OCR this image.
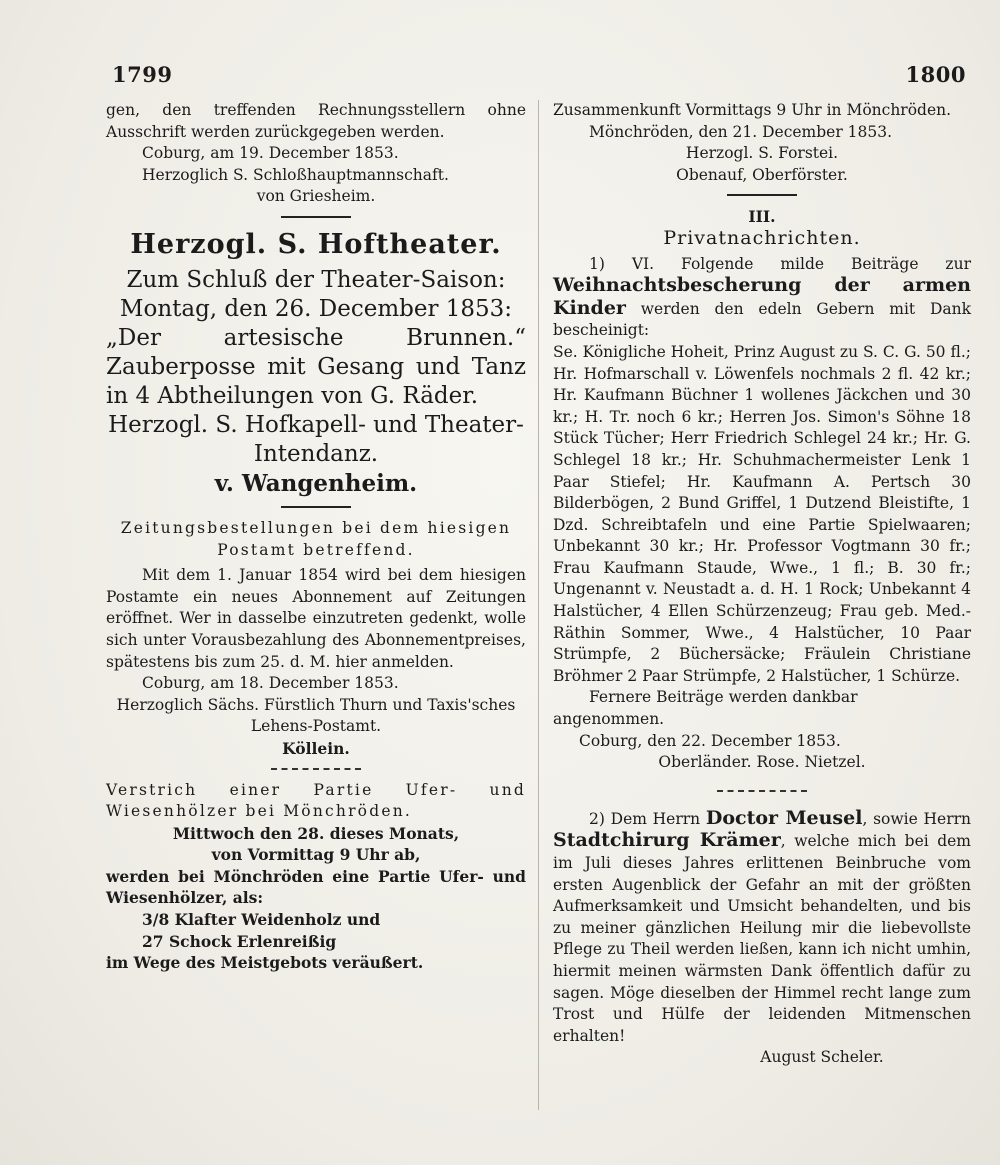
1799	1800

gen, den treffenden Rechnungsstellern ohne Ausschrift werden zurückgegeben werden.

Coburg, am 19. December 1853.

Herzoglich S. Schloßhauptmannschaft.

von Griesheim.

Herzogl. S. Hoftheater.

Zum Schluß der Theater-Saison:

Montag, den 26. December 1853:

„Der artesische Brunnen.“ Zauberposse mit Gesang und Tanz in 4 Abtheilungen von G. Räder.

Herzogl. S. Hofkapell- und Theater-Intendanz.

v. Wangenheim.

Zeitungsbestellungen bei dem hiesigen Postamt betreffend.

Mit dem 1. Januar 1854 wird bei dem hiesigen Postamte ein neues Abonnement auf Zeitungen eröffnet. Wer in dasselbe einzutreten gedenkt, wolle sich unter Vorausbezahlung des Abonnementpreises, spätestens bis zum 25. d. M. hier anmelden.

Coburg, am 18. December 1853.

Herzoglich Sächs. Fürstlich Thurn und Taxis'sches Lehens-Postamt.

Köllein.

Verstrich einer Partie Ufer- und Wiesenhölzer bei Mönchröden.

Mittwoch den 28. dieses Monats,

von Vormittag 9 Uhr ab,

werden bei Mönchröden eine Partie Ufer- und Wiesenhölzer, als:

3/8 Klafter Weidenholz und

27 Schock Erlenreißig

im Wege des Meistgebots veräußert.

Zusammenkunft Vormittags 9 Uhr in Mönchröden.

Mönchröden, den 21. December 1853.

Herzogl. S. Forstei.

Obenauf, Oberförster.

III.

Privatnachrichten.

1) VI. Folgende milde Beiträge zur Weihnachtsbescherung der armen Kinder werden den edeln Gebern mit Dank bescheinigt:

Se. Königliche Hoheit, Prinz August zu S. C. G. 50 fl.; Hr. Hofmarschall v. Löwenfels nochmals 2 fl. 42 kr.; Hr. Kaufmann Büchner 1 wollenes Jäckchen und 30 kr.; H. Tr. noch 6 kr.; Herren Jos. Simon's Söhne 18 Stück Tücher; Herr Friedrich Schlegel 24 kr.; Hr. G. Schlegel 18 kr.; Hr. Schuhmachermeister Lenk 1 Paar Stiefel; Hr. Kaufmann A. Pertsch 30 Bilderbögen, 2 Bund Griffel, 1 Dutzend Bleistifte, 1 Dzd. Schreibtafeln und eine Partie Spielwaaren; Unbekannt 30 kr.; Hr. Professor Vogtmann 30 fr.; Frau Kaufmann Staude, Wwe., 1 fl.; B. 30 fr.; Ungenannt v. Neustadt a. d. H. 1 Rock; Unbekannt 4 Halstücher, 4 Ellen Schürzenzeug; Frau geb. Med.-Räthin Sommer, Wwe., 4 Halstücher, 10 Paar Strümpfe, 2 Büchersäcke; Fräulein Christiane Bröhmer 2 Paar Strümpfe, 2 Halstücher, 1 Schürze.

Fernere Beiträge werden dankbar angenommen.

Coburg, den 22. December 1853.

Oberländer. Rose. Nietzel.

2) Dem Herrn Doctor Meusel, sowie Herrn Stadtchirurg Krämer, welche mich bei dem im Juli dieses Jahres erlittenen Beinbruche vom ersten Augenblick der Gefahr an mit der größten Aufmerksamkeit und Umsicht behandelten, und bis zu meiner gänzlichen Heilung mir die liebevollste Pflege zu Theil werden ließen, kann ich nicht umhin, hiermit meinen wärmsten Dank öffentlich dafür zu sagen. Möge dieselben der Himmel recht lange zum Trost und Hülfe der leidenden Mitmenschen erhalten!

August Scheler.
